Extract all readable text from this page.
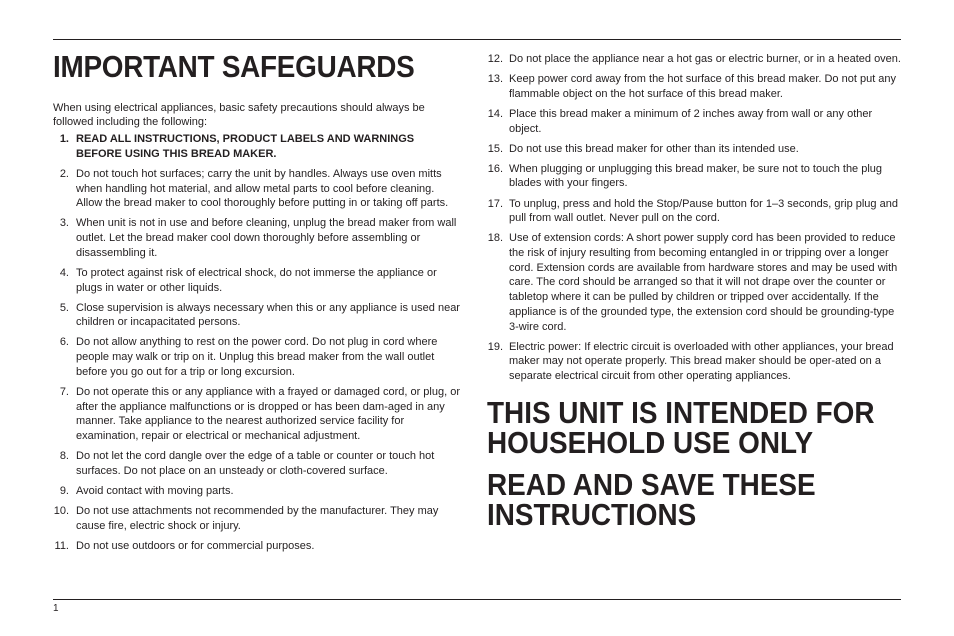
IMPORTANT SAFEGUARDS

When using electrical appliances, basic safety precautions should always be followed including the following:

1. READ ALL INSTRUCTIONS, PRODUCT LABELS AND WARNINGS BEFORE USING THIS BREAD MAKER.
2. Do not touch hot surfaces; carry the unit by handles. Always use oven mitts when handling hot material, and allow metal parts to cool before cleaning. Allow the bread maker to cool thoroughly before putting in or taking off parts.
3. When unit is not in use and before cleaning, unplug the bread maker from wall outlet. Let the bread maker cool down thoroughly before assembling or disassembling it.
4. To protect against risk of electrical shock, do not immerse the appliance or plugs in water or other liquids.
5. Close supervision is always necessary when this or any appliance is used near children or incapacitated persons.
6. Do not allow anything to rest on the power cord. Do not plug in cord where people may walk or trip on it. Unplug this bread maker from the wall outlet before you go out for a trip or long excursion.
7. Do not operate this or any appliance with a frayed or damaged cord, or plug, or after the appliance malfunctions or is dropped or has been dam-aged in any manner. Take appliance to the nearest authorized service facility for examination, repair or electrical or mechanical adjustment.
8. Do not let the cord dangle over the edge of a table or counter or touch hot surfaces. Do not place on an unsteady or cloth-covered surface.
9. Avoid contact with moving parts.
10. Do not use attachments not recommended by the manufacturer. They may cause fire, electric shock or injury.
11. Do not use outdoors or for commercial purposes.
12. Do not place the appliance near a hot gas or electric burner, or in a heated oven.
13. Keep power cord away from the hot surface of this bread maker. Do not put any flammable object on the hot surface of this bread maker.
14. Place this bread maker a minimum of 2 inches away from wall or any other object.
15. Do not use this bread maker for other than its intended use.
16. When plugging or unplugging this bread maker, be sure not to touch the plug blades with your fingers.
17. To unplug, press and hold the Stop/Pause button for 1–3 seconds, grip plug and pull from wall outlet. Never pull on the cord.
18. Use of extension cords: A short power supply cord has been provided to reduce the risk of injury resulting from becoming entangled in or tripping over a longer cord. Extension cords are available from hardware stores and may be used with care. The cord should be arranged so that it will not drape over the counter or tabletop where it can be pulled by children or tripped over accidentally. If the appliance is of the grounded type, the extension cord should be grounding-type 3-wire cord.
19. Electric power: If electric circuit is overloaded with other appliances, your bread maker may not operate properly. This bread maker should be oper-ated on a separate electrical circuit from other operating appliances.
THIS UNIT IS INTENDED FOR
HOUSEHOLD USE ONLY
READ AND SAVE THESE
INSTRUCTIONS
1
